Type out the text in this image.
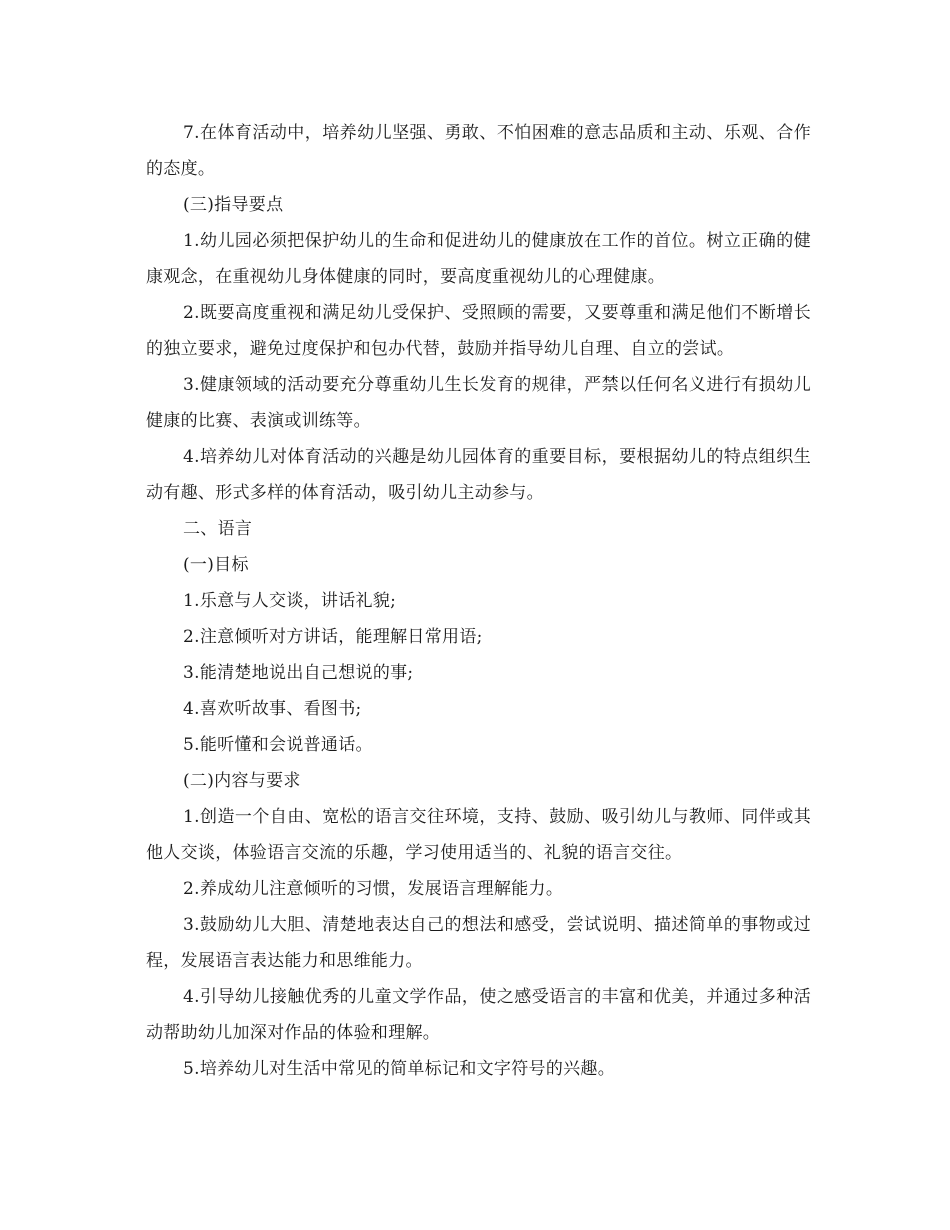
7.在体育活动中，培养幼儿坚强、勇敢、不怕困难的意志品质和主动、乐观、合作的态度。

(三)指导要点

1.幼儿园必须把保护幼儿的生命和促进幼儿的健康放在工作的首位。树立正确的健康观念，在重视幼儿身体健康的同时，要高度重视幼儿的心理健康。

2.既要高度重视和满足幼儿受保护、受照顾的需要，又要尊重和满足他们不断增长的独立要求，避免过度保护和包办代替，鼓励并指导幼儿自理、自立的尝试。

3.健康领域的活动要充分尊重幼儿生长发育的规律，严禁以任何名义进行有损幼儿健康的比赛、表演或训练等。

4.培养幼儿对体育活动的兴趣是幼儿园体育的重要目标，要根据幼儿的特点组织生动有趣、形式多样的体育活动，吸引幼儿主动参与。

二、语言

(一)目标

1.乐意与人交谈，讲话礼貌;

2.注意倾听对方讲话，能理解日常用语;

3.能清楚地说出自己想说的事;

4.喜欢听故事、看图书;

5.能听懂和会说普通话。

(二)内容与要求

1.创造一个自由、宽松的语言交往环境，支持、鼓励、吸引幼儿与教师、同伴或其他人交谈，体验语言交流的乐趣，学习使用适当的、礼貌的语言交往。

2.养成幼儿注意倾听的习惯，发展语言理解能力。

3.鼓励幼儿大胆、清楚地表达自己的想法和感受，尝试说明、描述简单的事物或过程，发展语言表达能力和思维能力。

4.引导幼儿接触优秀的儿童文学作品，使之感受语言的丰富和优美，并通过多种活动帮助幼儿加深对作品的体验和理解。

5.培养幼儿对生活中常见的简单标记和文字符号的兴趣。
